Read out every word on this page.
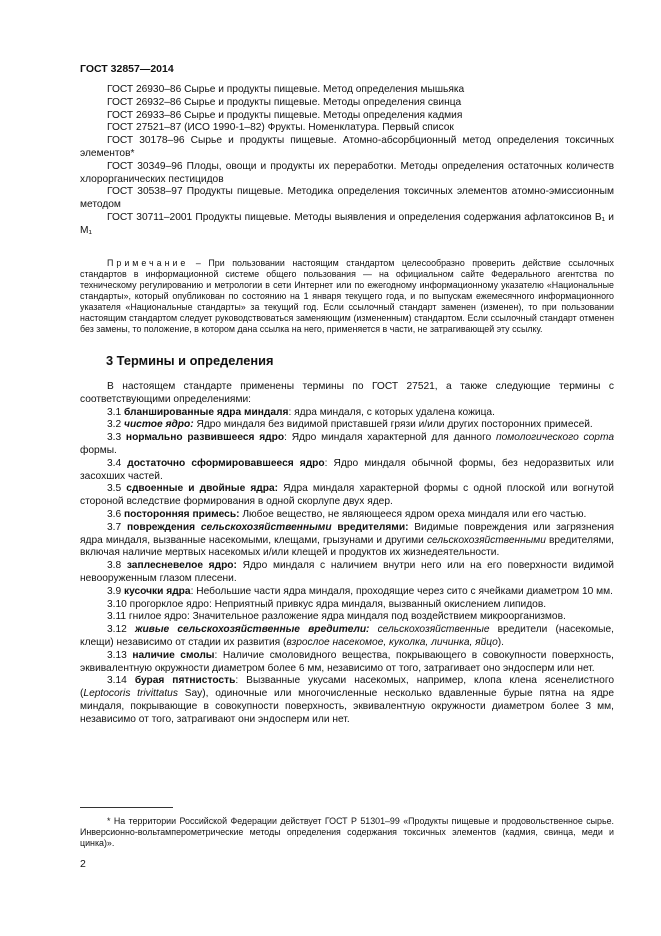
ГОСТ 32857—2014

ГОСТ 26930–86 Сырье и продукты пищевые. Метод определения мышьяка

ГОСТ 26932–86 Сырье и продукты пищевые. Методы определения свинца

ГОСТ 26933–86 Сырье и продукты пищевые. Методы определения кадмия

ГОСТ 27521–87 (ИСО 1990-1–82) Фрукты. Номенклатура. Первый список

ГОСТ 30178–96 Сырье и продукты пищевые. Атомно-абсорбционный метод определения токсичных элементов*

ГОСТ 30349–96 Плоды, овощи и продукты их переработки. Методы определения остаточных количеств хлорорганических пестицидов

ГОСТ 30538–97 Продукты пищевые. Методика определения токсичных элементов атомно-эмиссионным методом

ГОСТ 30711–2001 Продукты пищевые. Методы выявления и определения содержания афлатоксинов В₁ и М₁

Примечание – При пользовании настоящим стандартом целесообразно проверить действие ссылочных стандартов в информационной системе общего пользования — на официальном сайте Федерального агентства по техническому регулированию и метрологии в сети Интернет или по ежегодному информационному указателю «Национальные стандарты», который опубликован по состоянию на 1 января текущего года, и по выпускам ежемесячного информационного указателя «Национальные стандарты» за текущий год. Если ссылочный стандарт заменен (изменен), то при пользовании настоящим стандартом следует руководствоваться заменяющим (измененным) стандартом. Если ссылочный стандарт отменен без замены, то положение, в котором дана ссылка на него, применяется в части, не затрагивающей эту ссылку.

3 Термины и определения

В настоящем стандарте применены термины по ГОСТ 27521, а также следующие термины с соответствующими определениями:

3.1 бланшированные ядра миндаля: ядра миндаля, с которых удалена кожица.

3.2 чистое ядро: Ядро миндаля без видимой приставшей грязи и/или других посторонних примесей.

3.3 нормально развившееся ядро: Ядро миндаля характерной для данного помологического сорта формы.

3.4 достаточно сформировавшееся ядро: Ядро миндаля обычной формы, без недоразвитых или засохших частей.

3.5 сдвоенные и двойные ядра: Ядра миндаля характерной формы с одной плоской или вогнутой стороной вследствие формирования в одной скорлупе двух ядер.

3.6 посторонняя примесь: Любое вещество, не являющееся ядром ореха миндаля или его частью.

3.7 повреждения сельскохозяйственными вредителями: Видимые повреждения или загрязнения ядра миндаля, вызванные насекомыми, клещами, грызунами и другими сельскохозяйственными вредителями, включая наличие мертвых насекомых и/или клещей и продуктов их жизнедеятельности.

3.8 заплесневелое ядро: Ядро миндаля с наличием внутри него или на его поверхности видимой невооруженным глазом плесени.

3.9 кусочки ядра: Небольшие части ядра миндаля, проходящие через сито с ячейками диаметром 10 мм.

3.10 прогорклое ядро: Неприятный привкус ядра миндаля, вызванный окислением липидов.

3.11 гнилое ядро: Значительное разложение ядра миндаля под воздействием микроорганизмов.

3.12 живые сельскохозяйственные вредители: сельскохозяйственные вредители (насекомые, клещи) независимо от стадии их развития (взрослое насекомое, куколка, личинка, яйцо).

3.13 наличие смолы: Наличие смоловидного вещества, покрывающего в совокупности поверхность, эквивалентную окружности диаметром более 6 мм, независимо от того, затрагивает оно эндосперм или нет.

3.14 бурая пятнистость: Вызванные укусами насекомых, например, клопа клена ясенелистного (Leptocoris trivittatus Say), одиночные или многочисленные несколько вдавленные бурые пятна на ядре миндаля, покрывающие в совокупности поверхность, эквивалентную окружности диаметром более 3 мм, независимо от того, затрагивают они эндосперм или нет.

* На территории Российской Федерации действует ГОСТ Р 51301–99 «Продукты пищевые и продовольственное сырье. Инверсионно-вольтамперометрические методы определения содержания токсичных элементов (кадмия, свинца, меди и цинка)».
2
